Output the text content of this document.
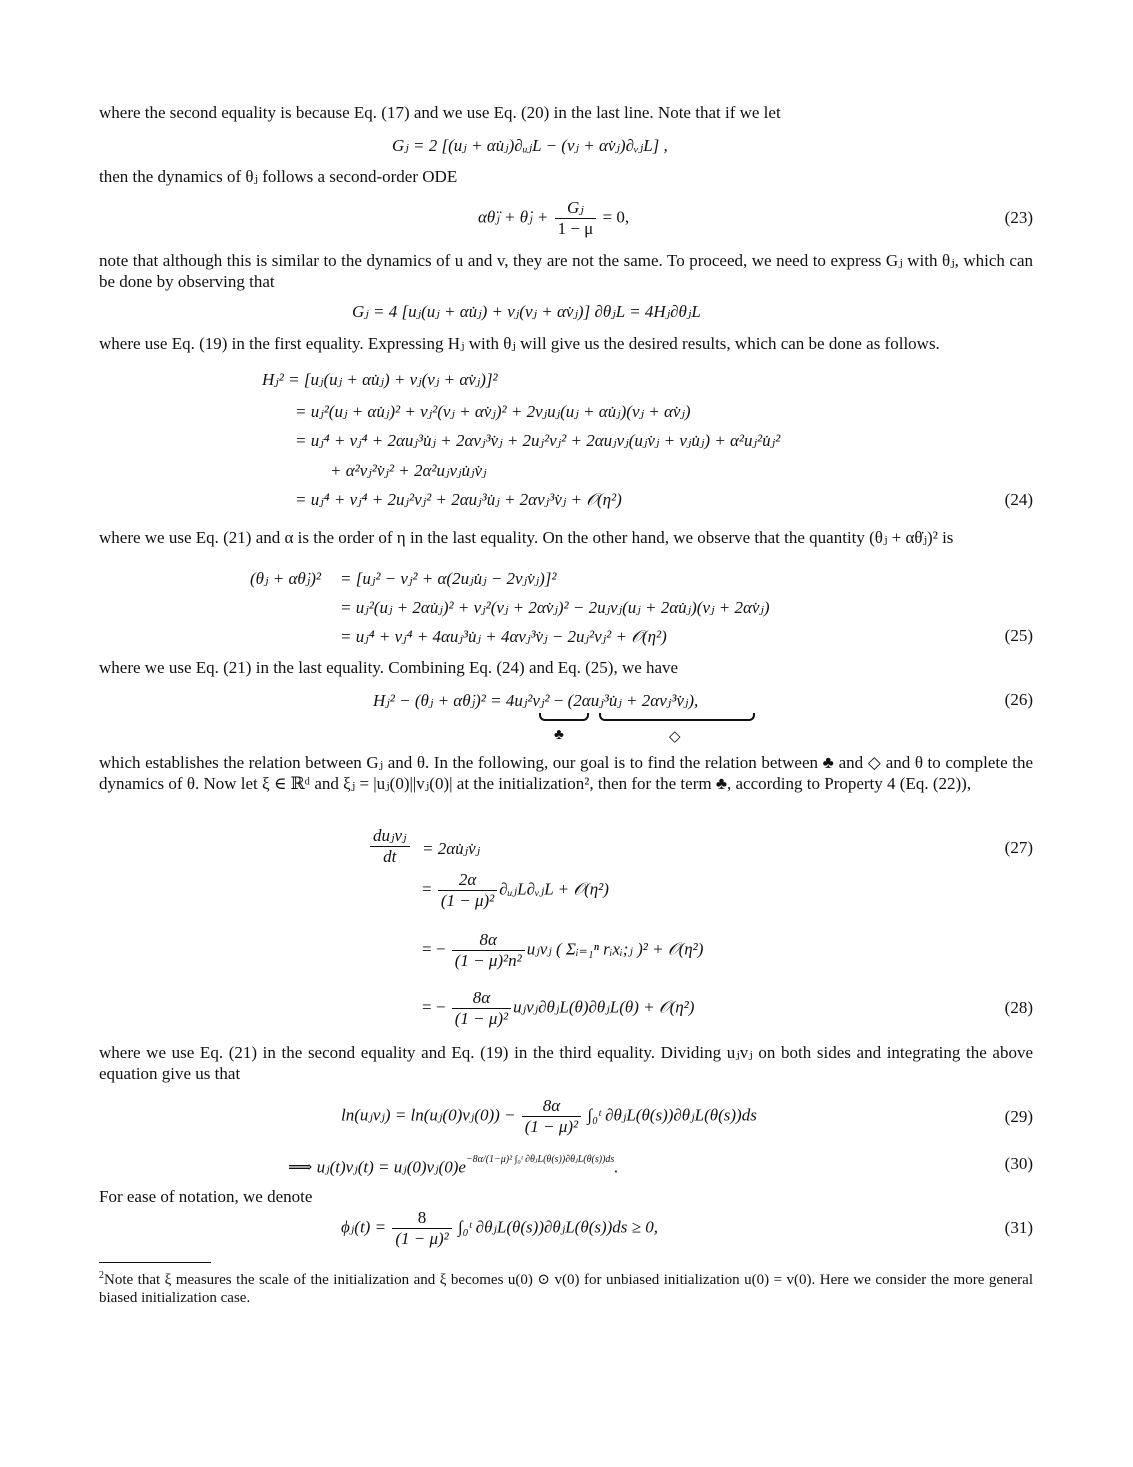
where the second equality is because Eq. (17) and we use Eq. (20) in the last line. Note that if we let
Gⱼ = 2 [(uⱼ + αu̇ⱼ)∂ᵤⱼL − (vⱼ + αv̇ⱼ)∂ᵥⱼL] ,
then the dynamics of θⱼ follows a second-order ODE
αθ̈ⱼ + θ̇ⱼ + $\frac{\text{Gⱼ}}{1 - \mu} = 0$,	(23)
note that although this is similar to the dynamics of u and v, they are not the same. To proceed, we need to express Gⱼ with θⱼ, which can be done by observing that
Gⱼ = 4 [uⱼ(uⱼ + αu̇ⱼ) + vⱼ(vⱼ + αv̇ⱼ)] ∂θⱼL = 4Hⱼ∂θⱼL
where use Eq. (19) in the first equality. Expressing Hⱼ with θⱼ will give us the desired results, which can be done as follows.
Hⱼ² = [uⱼ(uⱼ + αu̇ⱼ) + vⱼ(vⱼ + αv̇ⱼ)]²
= uⱼ²(uⱼ + αu̇ⱼ)² + vⱼ²(vⱼ + αv̇ⱼ)² + 2vⱼuⱼ(uⱼ + αu̇ⱼ)(vⱼ + αv̇ⱼ)
= uⱼ⁴ + vⱼ⁴ + 2αuⱼ³u̇ⱼ + 2αvⱼ³v̇ⱼ + 2uⱼ²vⱼ² + 2αuⱼvⱼ(uⱼv̇ⱼ + vⱼu̇ⱼ) + α²uⱼ²u̇ⱼ²
+ α²vⱼ²v̇ⱼ² + 2α²uⱼvⱼu̇ⱼv̇ⱼ
= uⱼ⁴ + vⱼ⁴ + 2uⱼ²vⱼ² + 2αuⱼ³u̇ⱼ + 2αvⱼ³v̇ⱼ + 𝒪(η²)	(24)
where we use Eq. (21) and α is the order of η in the last equality. On the other hand, we observe that the quantity (θⱼ + αθ̇ⱼ)² is
(θⱼ + αθ̇ⱼ)² = [uⱼ² − vⱼ² + α(2uⱼu̇ⱼ − 2vⱼv̇ⱼ)]²
= uⱼ²(uⱼ + 2αu̇ⱼ)² + vⱼ²(vⱼ + 2αv̇ⱼ)² − 2uⱼvⱼ(uⱼ + 2αu̇ⱼ)(vⱼ + 2αv̇ⱼ)
= uⱼ⁴ + vⱼ⁴ + 4αuⱼ³u̇ⱼ + 4αvⱼ³v̇ⱼ − 2uⱼ²vⱼ² + 𝒪(η²)	(25)
where we use Eq. (21) in the last equality. Combining Eq. (24) and Eq. (25), we have
Hⱼ² − (θⱼ + αθ̇ⱼ)² = 4uⱼ²vⱼ² − (2αuⱼ³u̇ⱼ + 2αvⱼ³v̇ⱼ),
♣	◇
(26)
which establishes the relation between Gⱼ and θ. In the following, our goal is to find the relation between ♣ and ◇ and θ to complete the dynamics of θ. Now let ξ ∈ ℝᵈ and ξⱼ = |uⱼ(0)||vⱼ(0)| at the initialization², then for the term ♣, according to Property 4 (Eq. (22)),
$\frac{\text{duⱼvⱼ}}{dt}$ = 2αu̇ⱼv̇ⱼ	(27)
= $\frac{2\alpha}{\text{(1 − μ)²}}$ ∂ᵤⱼL∂ᵥⱼL + 𝒪(η²)
= − $\frac{8\alpha}{\text{(1 − μ)²n²}}$ uⱼvⱼ ( Σᵢ₌₁ⁿ rᵢxᵢ;ⱼ )² + 𝒪(η²)
= − $\frac{8\alpha}{\text{(1 − μ)²}}$ uⱼvⱼ∂θⱼL(θ)∂θⱼL(θ) + 𝒪(η²)	(28)
where we use Eq. (21) in the second equality and Eq. (19) in the third equality. Dividing uⱼvⱼ on both sides and integrating the above equation give us that
ln(uⱼvⱼ) = ln(uⱼ(0)vⱼ(0)) − $\frac{8\alpha}{\text{(1 − μ)²}}$ ∫₀ᵗ ∂θⱼL(θ(s))∂θⱼL(θ(s))ds	(29)
⟹ uⱼ(t)vⱼ(t) = $uⱼ(0)vⱼ(0)e^{-8\alpha/(1-\mu)^2 \int_0ᵗ \partial\theta ⱼL(\theta(s))\partial\theta ⱼL(\theta(s))ds}$.	(30)
For ease of notation, we denote
ϕⱼ(t) = $\frac{8}{\text{(1 − μ)²}}$ ∫₀ᵗ ∂θⱼL(θ(s))∂θⱼL(θ(s))ds ≥ 0,	(31)
$^2$Note that ξ measures the scale of the initialization and ξ becomes u(0) ⊙ v(0) for unbiased initialization u(0) = v(0). Here we consider the more general biased initialization case.
